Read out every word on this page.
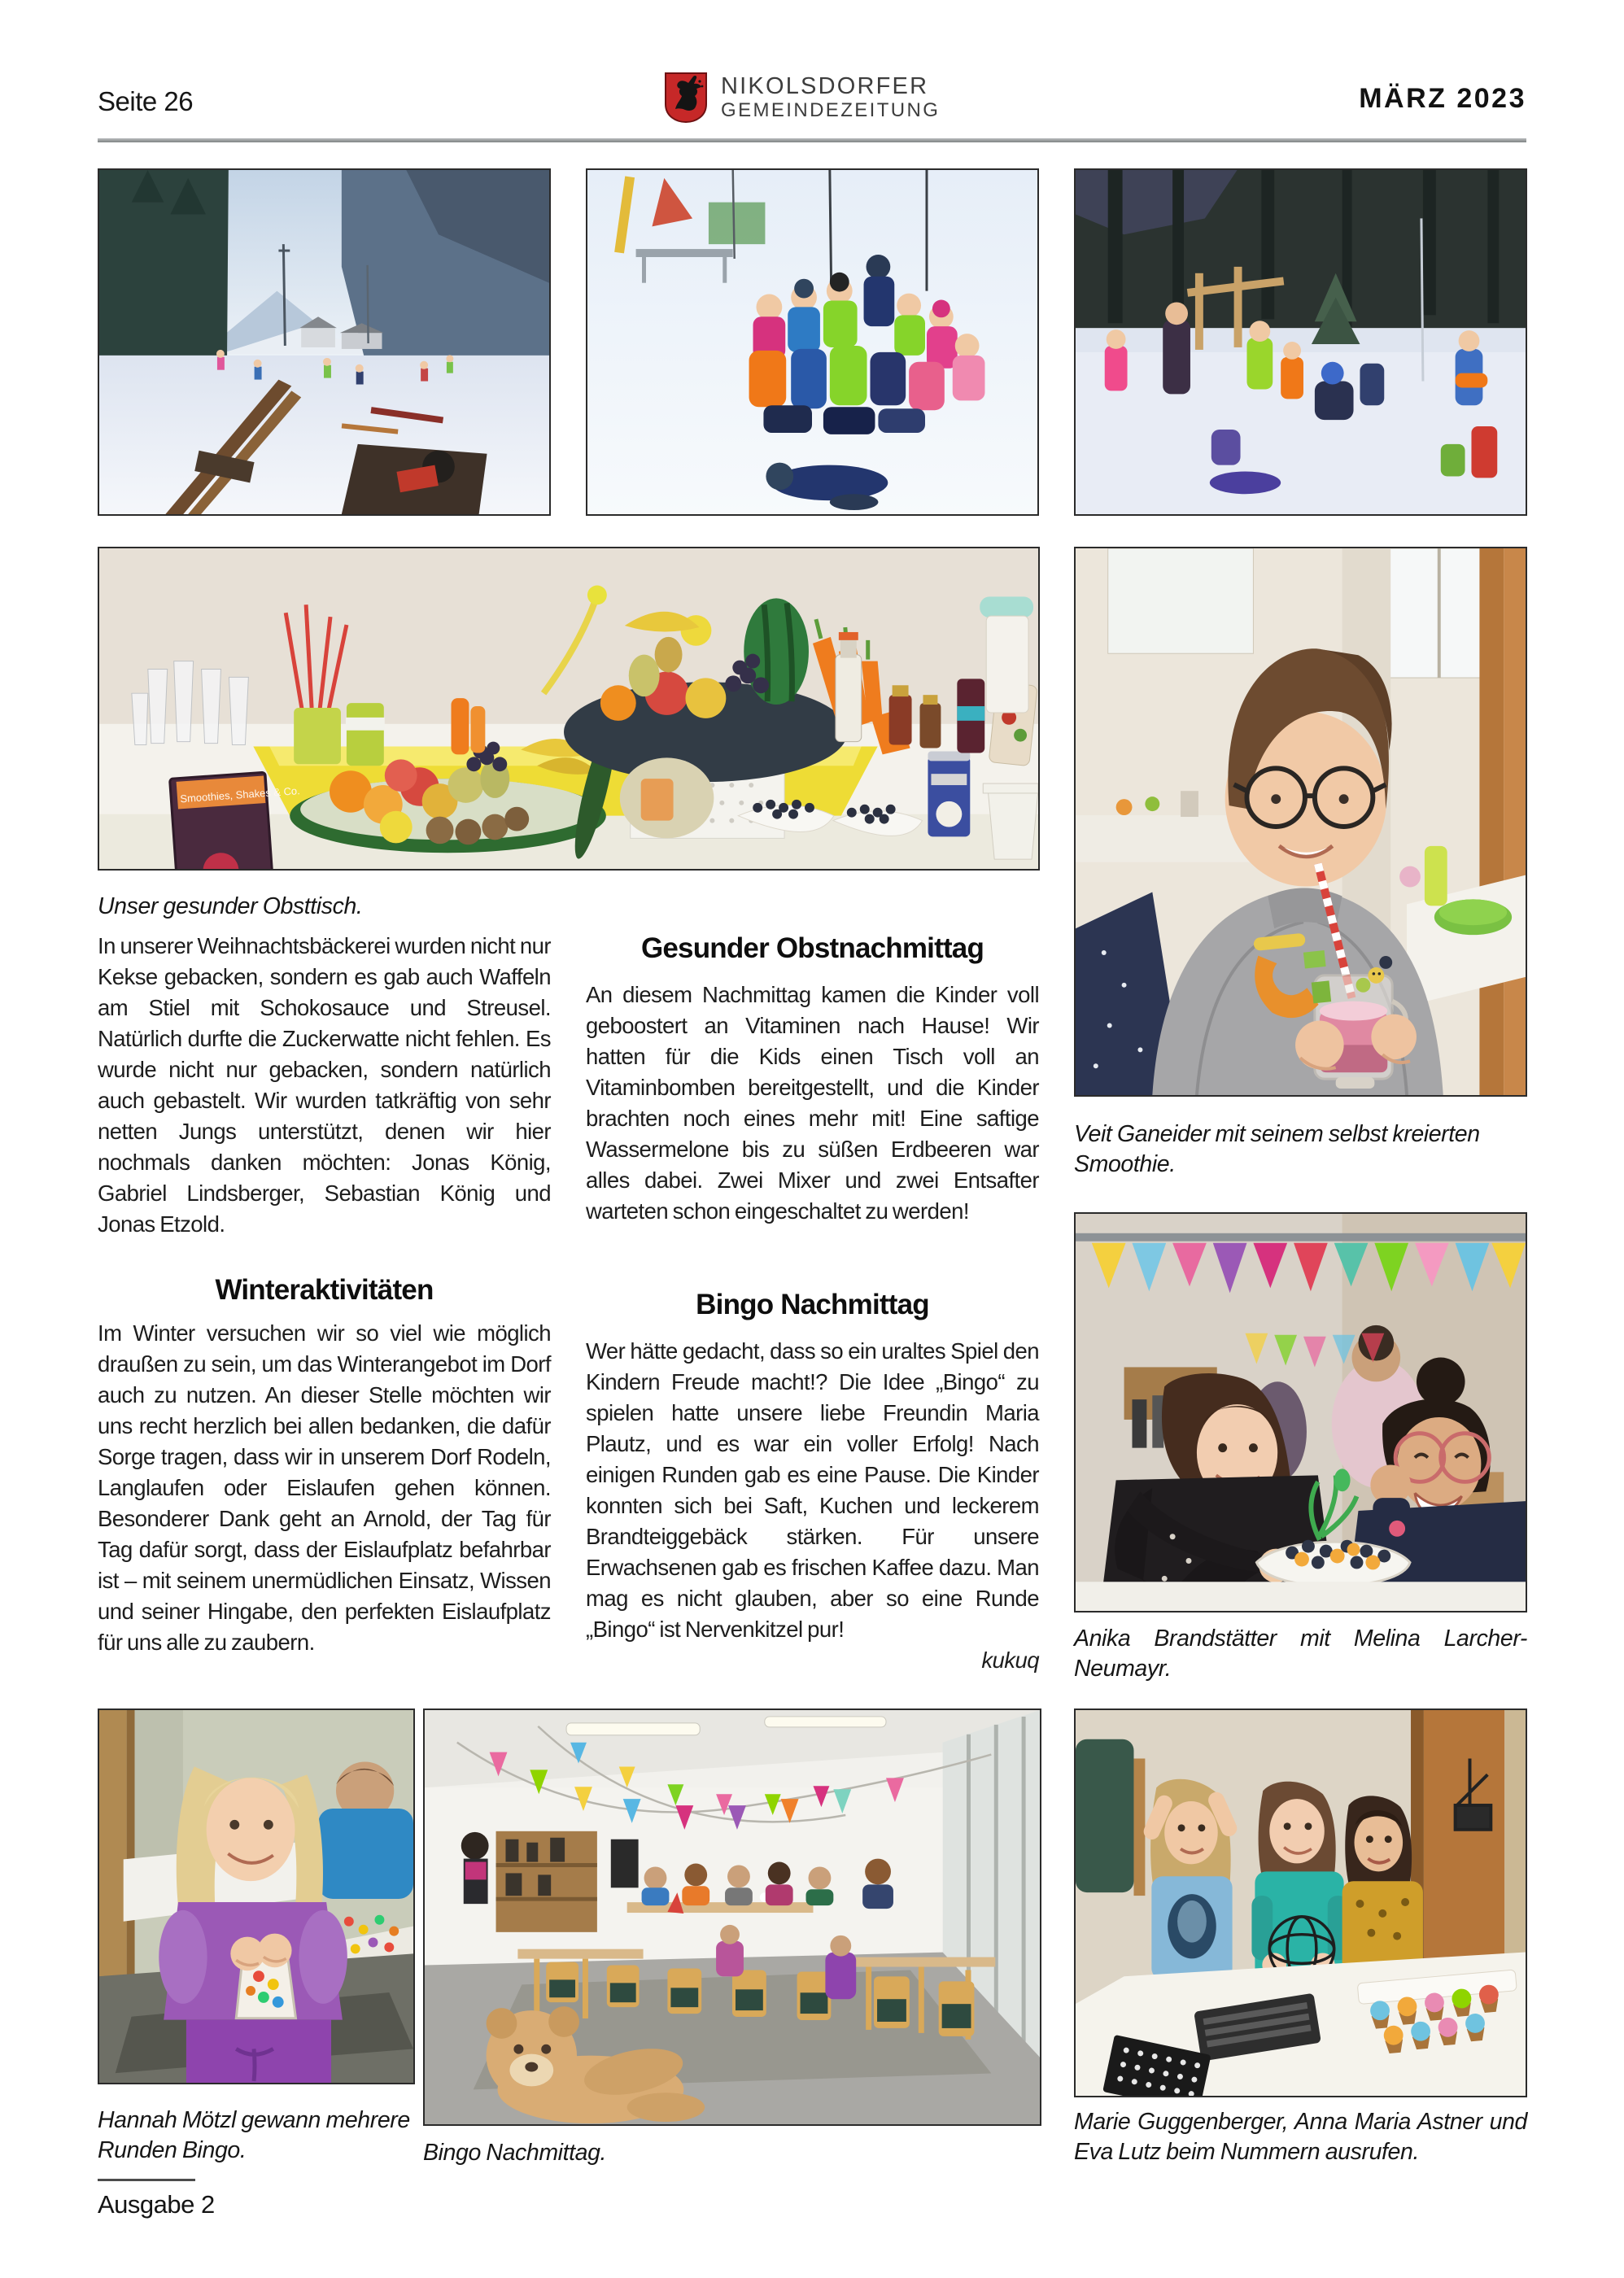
Seite 26	NIKOLSDORFER
GEMEINDEZEITUNG	MÄRZ 2023
Smoothies, Shakes & Co.
Unser gesunder Obsttisch.
In unserer Weihnachtsbäckerei wurden nicht nur Kekse gebacken, sondern es gab auch Waffeln am Stiel mit Schokosauce und Streusel. Natürlich durfte die Zuckerwatte nicht fehlen. Es wurde nicht nur gebacken, sondern natürlich auch gebastelt. Wir wurden tatkräftig von sehr netten Jungs unterstützt, denen wir hier nochmals danken möchten: Jonas König, Gabriel Lindsberger, Sebastian König und Jonas Etzold.
Winteraktivitäten
Im Winter versuchen wir so viel wie möglich draußen zu sein, um das Winterangebot im Dorf auch zu nutzen. An dieser Stelle möchten wir uns recht herzlich bei allen bedanken, die dafür Sorge tragen, dass wir in unserem Dorf Rodeln, Langlaufen oder Eislaufen gehen können. Besonderer Dank geht an Arnold, der Tag für Tag dafür sorgt, dass der Eislaufplatz befahrbar ist – mit seinem unermüdlichen Einsatz, Wissen und seiner Hingabe, den perfekten Eislaufplatz für uns alle zu zaubern.
Gesunder Obstnachmittag
An diesem Nachmittag kamen die Kinder voll geboostert an Vitaminen nach Hause! Wir hatten für die Kids einen Tisch voll an Vitaminbomben bereitgestellt, und die Kinder brachten noch eines mehr mit! Eine saftige Wassermelone bis zu süßen Erdbeeren war alles dabei. Zwei Mixer und zwei Entsafter warteten schon eingeschaltet zu werden!
Bingo Nachmittag
Wer hätte gedacht, dass so ein uraltes Spiel den Kindern Freude macht!? Die Idee „Bingo“ zu spielen hatte unsere liebe Freundin Maria Plautz, und es war ein voller Erfolg! Nach einigen Runden gab es eine Pause. Die Kinder konnten sich bei Saft, Kuchen und leckerem Brandteiggebäck stärken. Für unsere Erwachsenen gab es frischen Kaffee dazu. Man mag es nicht glauben, aber so eine Runde „Bingo“ ist Nervenkitzel pur!
kukuq
Veit Ganeider mit seinem selbst kreierten Smoothie.
Anika Brandstätter mit Melina Larcher-Neumayr.
Hannah Mötzl gewann mehrere Runden Bingo.	Bingo Nachmittag.
Marie Guggenberger, Anna Maria Astner und Eva Lutz beim Nummern ausrufen.
Ausgabe 2
